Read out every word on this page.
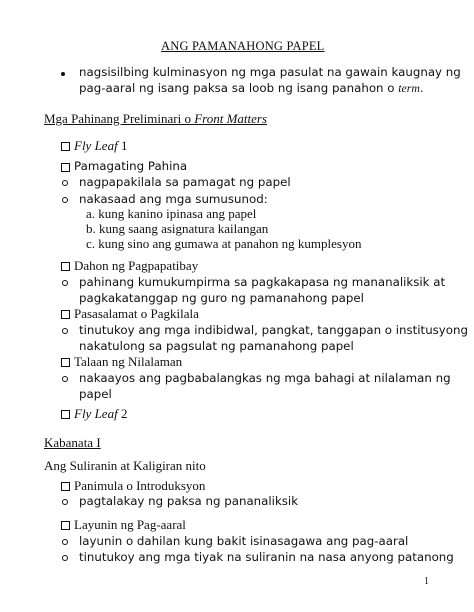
ANG PAMANAHONG PAPEL
nagsisilbing kulminasyon ng mga pasulat na gawain kaugnay ng
pag-aaral ng isang paksa sa loob ng isang panahon o term.
Mga Pahinang Preliminari o Front Matters
Fly Leaf 1
Pamagating Pahina
nagpapakilala sa pamagat ng papel
nakasaad ang mga sumusunod:
a. kung kanino ipinasa ang papel
b. kung saang asignatura kailangan
c. kung sino ang gumawa at panahon ng kumplesyon
Dahon ng Pagpapatibay
pahinang kumukumpirma sa pagkakapasa ng mananaliksik at
pagkakatanggap ng guro ng pamanahong papel
Pasasalamat o Pagkilala
tinutukoy ang mga indibidwal, pangkat, tanggapan o institusyong
nakatulong sa pagsulat ng pamanahong papel
Talaan ng Nilalaman
nakaayos ang pagbabalangkas ng mga bahagi at nilalaman ng
papel
Fly Leaf 2
Kabanata I
Ang Suliranin at Kaligiran nito
Panimula o Introduksyon
pagtalakay ng paksa ng pananaliksik
Layunin ng Pag-aaral
layunin o dahilan kung bakit isinasagawa ang pag-aaral
tinutukoy ang mga tiyak na suliranin na nasa anyong patanong
1
